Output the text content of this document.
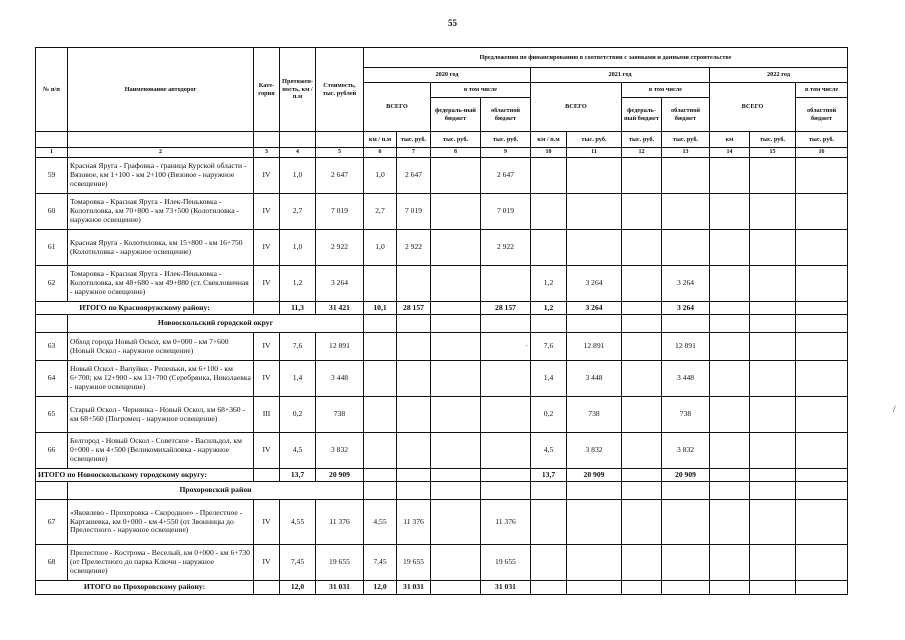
55
/
№ п/п	Наименование автодорог	Кате-гория	Протяжен-ность, км / п.м	Стоимость, тыс. рублей	Предложения по финансированию в соответствии с заявками и данными строительстве										
					2020 год				2021 год				2022 год		
					ВСЕГО		в том числе		ВСЕГО		в том числе		ВСЕГО		в том числе
							федераль-ный бюджет	областной бюджет			федераль-ный бюджет	областной бюджет			областной бюджет
					км / п.м	тыс. руб.	тыс. руб.	тыс. руб.	км / п.м	тыс. руб.	тыс. руб.	тыс. руб.	км	тыс. руб.	тыс. руб.
1	2	3	4	5	6	7	8	9	10	11	12	13	14	15	16
59	Красная Яруга - Графовка - граница Курской области - Вязовое, км 1+100 - км 2+100 (Вязовое - наружное освещение)	IV	1,0	2 647	1,0	2 647		2 647							
60	Томаровка - Красная Яруга - Илек-Пеньковка - Колотиловка, км 70+800 - км 73+500 (Колотиловка - наружное освещение)	IV	2,7	7 019	2,7	7 019		7 019							
61	Красная Яруга - Колотиловка, км 15+800 - км 16+750 (Колотиловка - наружное освещение)	IV	1,0	2 922	1,0	2 922		2 922							
62	Томаровка - Красная Яруга - Илек-Пеньковка - Колотиловка, км 48+680 - км 49+880 (ст. Свекловичная - наружное освещение)	IV	1,2	3 264					1,2	3 264		3 264			
ИТОГО по Краснояружскому району:			11,3	31 421	10,1	28 157		28 157	1,2	3 264		3 264			
	Новооскольский городской округ														
63	Обход города Новый Оскол, км 0+000 - км 7+600 (Новый Оскол - наружное освещение)	IV	7,6	12 891				·	7,6	12 891		12 891			
64	Новый Оскол - Вапуйки - Репеньки, км 6+100 - км 6+700; км 12+900 - км 13+700 (Серебрянка, Николаевка - наружное освещение)	IV	1,4	3 448					1,4	3 448		3 448			
65	Старый Оскол - Чернянка - Новый Оскол, км 68+360 - км 68+560 (Погромец - наружное освещение)	III	0,2	738					0,2	738		738			
66	Белгород - Новый Оскол - Советское - Васильдол, км 0+000 - км 4+500 (Великомихайловка - наружное освещение)	IV	4,5	3 832					4,5	3 832		3 832			
ИТОГО по Новооскольскому городскому округу:			13,7	20 909					13,7	20 909		20 909			
	Прохоровский район														
67	«Яковлево - Прохоровка - Скородное» - Прелестное - Карташевка, км 0+000 - км 4+550 (от Звонницы до Прелестного - наружное освещение)	IV	4,55	11 376	4,55	11 376		11 376							
68	Прелестное - Кострома - Веселый, км 0+000 - км 6+730 (от Прелестного до парка Ключи - наружное освещение)	IV	7,45	19 655	7,45	19 655		19 655							
ИТОГО по Прохоровскому району:			12,0	31 031	12,0	31 031		31 031							
